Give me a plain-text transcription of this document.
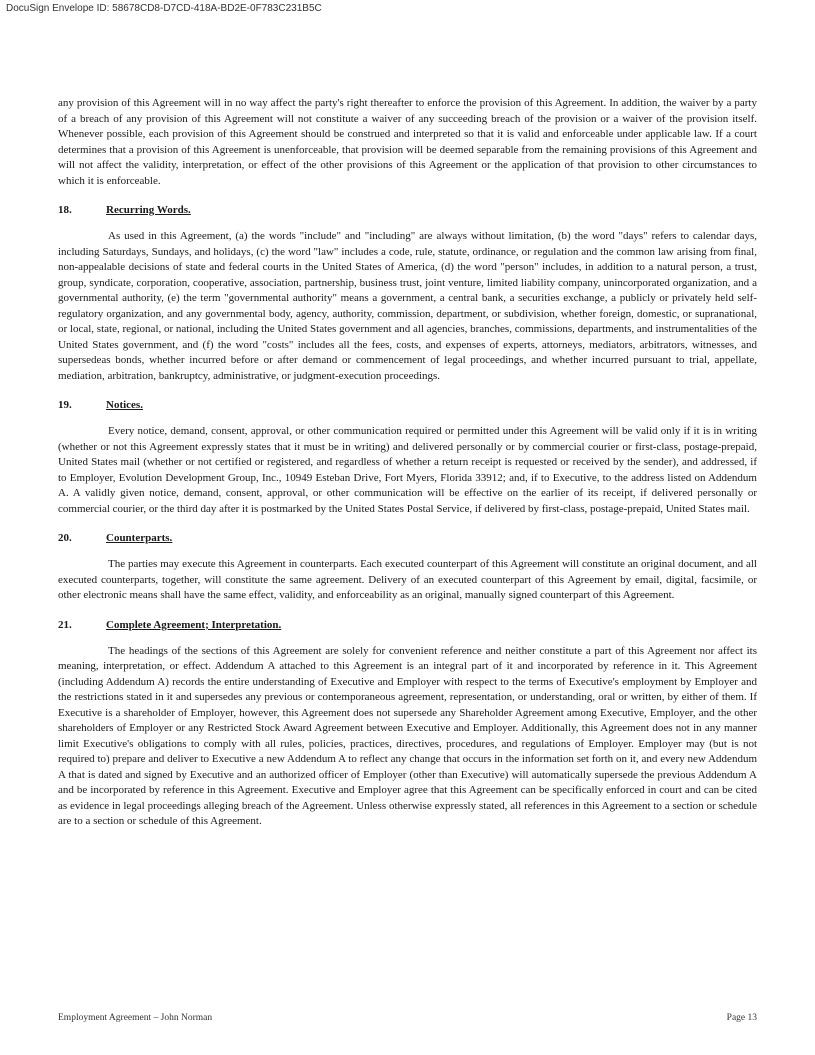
DocuSign Envelope ID: 58678CD8-D7CD-418A-BD2E-0F783C231B5C

any provision of this Agreement will in no way affect the party's right thereafter to enforce the provision of this Agreement. In addition, the waiver by a party of a breach of any provision of this Agreement will not constitute a waiver of any succeeding breach of the provision or a waiver of the provision itself. Whenever possible, each provision of this Agreement should be construed and interpreted so that it is valid and enforceable under applicable law. If a court determines that a provision of this Agreement is unenforceable, that provision will be deemed separable from the remaining provisions of this Agreement and will not affect the validity, interpretation, or effect of the other provisions of this Agreement or the application of that provision to other circumstances to which it is enforceable.

18.	Recurring Words.

As used in this Agreement, (a) the words "include" and "including" are always without limitation, (b) the word "days" refers to calendar days, including Saturdays, Sundays, and holidays, (c) the word "law" includes a code, rule, statute, ordinance, or regulation and the common law arising from final, non-appealable decisions of state and federal courts in the United States of America, (d) the word "person" includes, in addition to a natural person, a trust, group, syndicate, corporation, cooperative, association, partnership, business trust, joint venture, limited liability company, unincorporated organization, and a governmental authority, (e) the term "governmental authority" means a government, a central bank, a securities exchange, a publicly or privately held self-regulatory organization, and any governmental body, agency, authority, commission, department, or subdivision, whether foreign, domestic, or supranational, or local, state, regional, or national, including the United States government and all agencies, branches, commissions, departments, and instrumentalities of the United States government, and (f) the word "costs" includes all the fees, costs, and expenses of experts, attorneys, mediators, arbitrators, witnesses, and supersedeas bonds, whether incurred before or after demand or commencement of legal proceedings, and whether incurred pursuant to trial, appellate, mediation, arbitration, bankruptcy, administrative, or judgment-execution proceedings.

19.	Notices.

Every notice, demand, consent, approval, or other communication required or permitted under this Agreement will be valid only if it is in writing (whether or not this Agreement expressly states that it must be in writing) and delivered personally or by commercial courier or first-class, postage-prepaid, United States mail (whether or not certified or registered, and regardless of whether a return receipt is requested or received by the sender), and addressed, if to Employer, Evolution Development Group, Inc., 10949 Esteban Drive, Fort Myers, Florida 33912; and, if to Executive, to the address listed on Addendum A. A validly given notice, demand, consent, approval, or other communication will be effective on the earlier of its receipt, if delivered personally or commercial courier, or the third day after it is postmarked by the United States Postal Service, if delivered by first-class, postage-prepaid, United States mail.

20.	Counterparts.

The parties may execute this Agreement in counterparts. Each executed counterpart of this Agreement will constitute an original document, and all executed counterparts, together, will constitute the same agreement. Delivery of an executed counterpart of this Agreement by email, digital, facsimile, or other electronic means shall have the same effect, validity, and enforceability as an original, manually signed counterpart of this Agreement.

21.	Complete Agreement; Interpretation.

The headings of the sections of this Agreement are solely for convenient reference and neither constitute a part of this Agreement nor affect its meaning, interpretation, or effect. Addendum A attached to this Agreement is an integral part of it and incorporated by reference in it. This Agreement (including Addendum A) records the entire understanding of Executive and Employer with respect to the terms of Executive's employment by Employer and the restrictions stated in it and supersedes any previous or contemporaneous agreement, representation, or understanding, oral or written, by either of them. If Executive is a shareholder of Employer, however, this Agreement does not supersede any Shareholder Agreement among Executive, Employer, and the other shareholders of Employer or any Restricted Stock Award Agreement between Executive and Employer. Additionally, this Agreement does not in any manner limit Executive's obligations to comply with all rules, policies, practices, directives, procedures, and regulations of Employer. Employer may (but is not required to) prepare and deliver to Executive a new Addendum A to reflect any change that occurs in the information set forth on it, and every new Addendum A that is dated and signed by Executive and an authorized officer of Employer (other than Executive) will automatically supersede the previous Addendum A and be incorporated by reference in this Agreement. Executive and Employer agree that this Agreement can be specifically enforced in court and can be cited as evidence in legal proceedings alleging breach of the Agreement. Unless otherwise expressly stated, all references in this Agreement to a section or schedule are to a section or schedule of this Agreement.

Employment Agreement – John Norman	Page 13
